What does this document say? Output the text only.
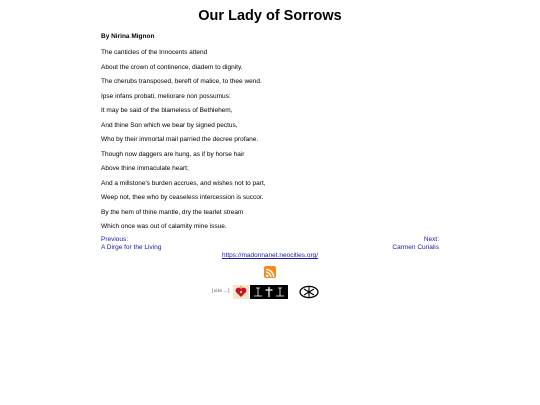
Our Lady of Sorrows
By Nirina Mignon
The canticles of the Innocents attend
About the crown of continence, diadem to dignity.
The cherubs transposed, bereft of malice, to thee wend.
Ipse infans probati, meliorare non possumus:
It may be said of the blameless of Bethlehem,
And thine Son which we bear by signed pectus,
Who by their immortal mail parried the decree profane.
Though now daggers are hung, as if by horse hair
Above thine immaculate heart;
And a millstone's burden accrues, and wishes not to part,
Weep not, thee who by ceaseless intercession is succor.
By the hem of thine mantle, dry the tearlet stream
Which once was out of calamity mine issue.
Previous:
A Dirge for the Living
Next:
Carmen Curialis
https://madonnanet.neocities.org/
[site ...]
